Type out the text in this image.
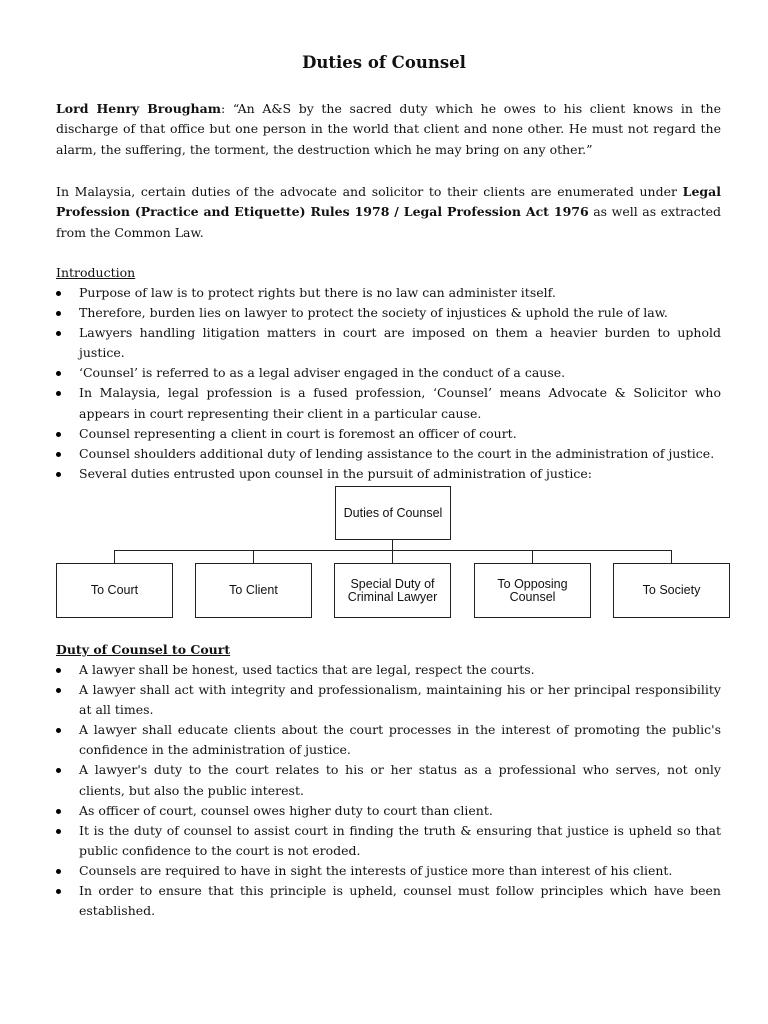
Duties of Counsel

Lord Henry Brougham: “An A&S by the sacred duty which he owes to his client knows in the discharge of that office but one person in the world that client and none other. He must not regard the alarm, the suffering, the torment, the destruction which he may bring on any other.”

In Malaysia, certain duties of the advocate and solicitor to their clients are enumerated under Legal Profession (Practice and Etiquette) Rules 1978 / Legal Profession Act 1976 as well as extracted from the Common Law.

Introduction
Purpose of law is to protect rights but there is no law can administer itself.
Therefore, burden lies on lawyer to protect the society of injustices & uphold the rule of law.
Lawyers handling litigation matters in court are imposed on them a heavier burden to uphold justice.
‘Counsel’ is referred to as a legal adviser engaged in the conduct of a cause.
In Malaysia, legal profession is a fused profession, ‘Counsel’ means Advocate & Solicitor who appears in court representing their client in a particular cause.
Counsel representing a client in court is foremost an officer of court.
Counsel shoulders additional duty of lending assistance to the court in the administration of justice.
Several duties entrusted upon counsel in the pursuit of administration of justice:
Duties of Counsel
To Court	To Client	Special Duty of Criminal Lawyer
To Opposing Counsel	To Society
Duty of Counsel to Court
A lawyer shall be honest, used tactics that are legal, respect the courts.
A lawyer shall act with integrity and professionalism, maintaining his or her principal responsibility at all times.
A lawyer shall educate clients about the court processes in the interest of promoting the public's confidence in the administration of justice.
A lawyer's duty to the court relates to his or her status as a professional who serves, not only clients, but also the public interest.
As officer of court, counsel owes higher duty to court than client.
It is the duty of counsel to assist court in finding the truth & ensuring that justice is upheld so that public confidence to the court is not eroded.
Counsels are required to have in sight the interests of justice more than interest of his client.
In order to ensure that this principle is upheld, counsel must follow principles which have been established.
